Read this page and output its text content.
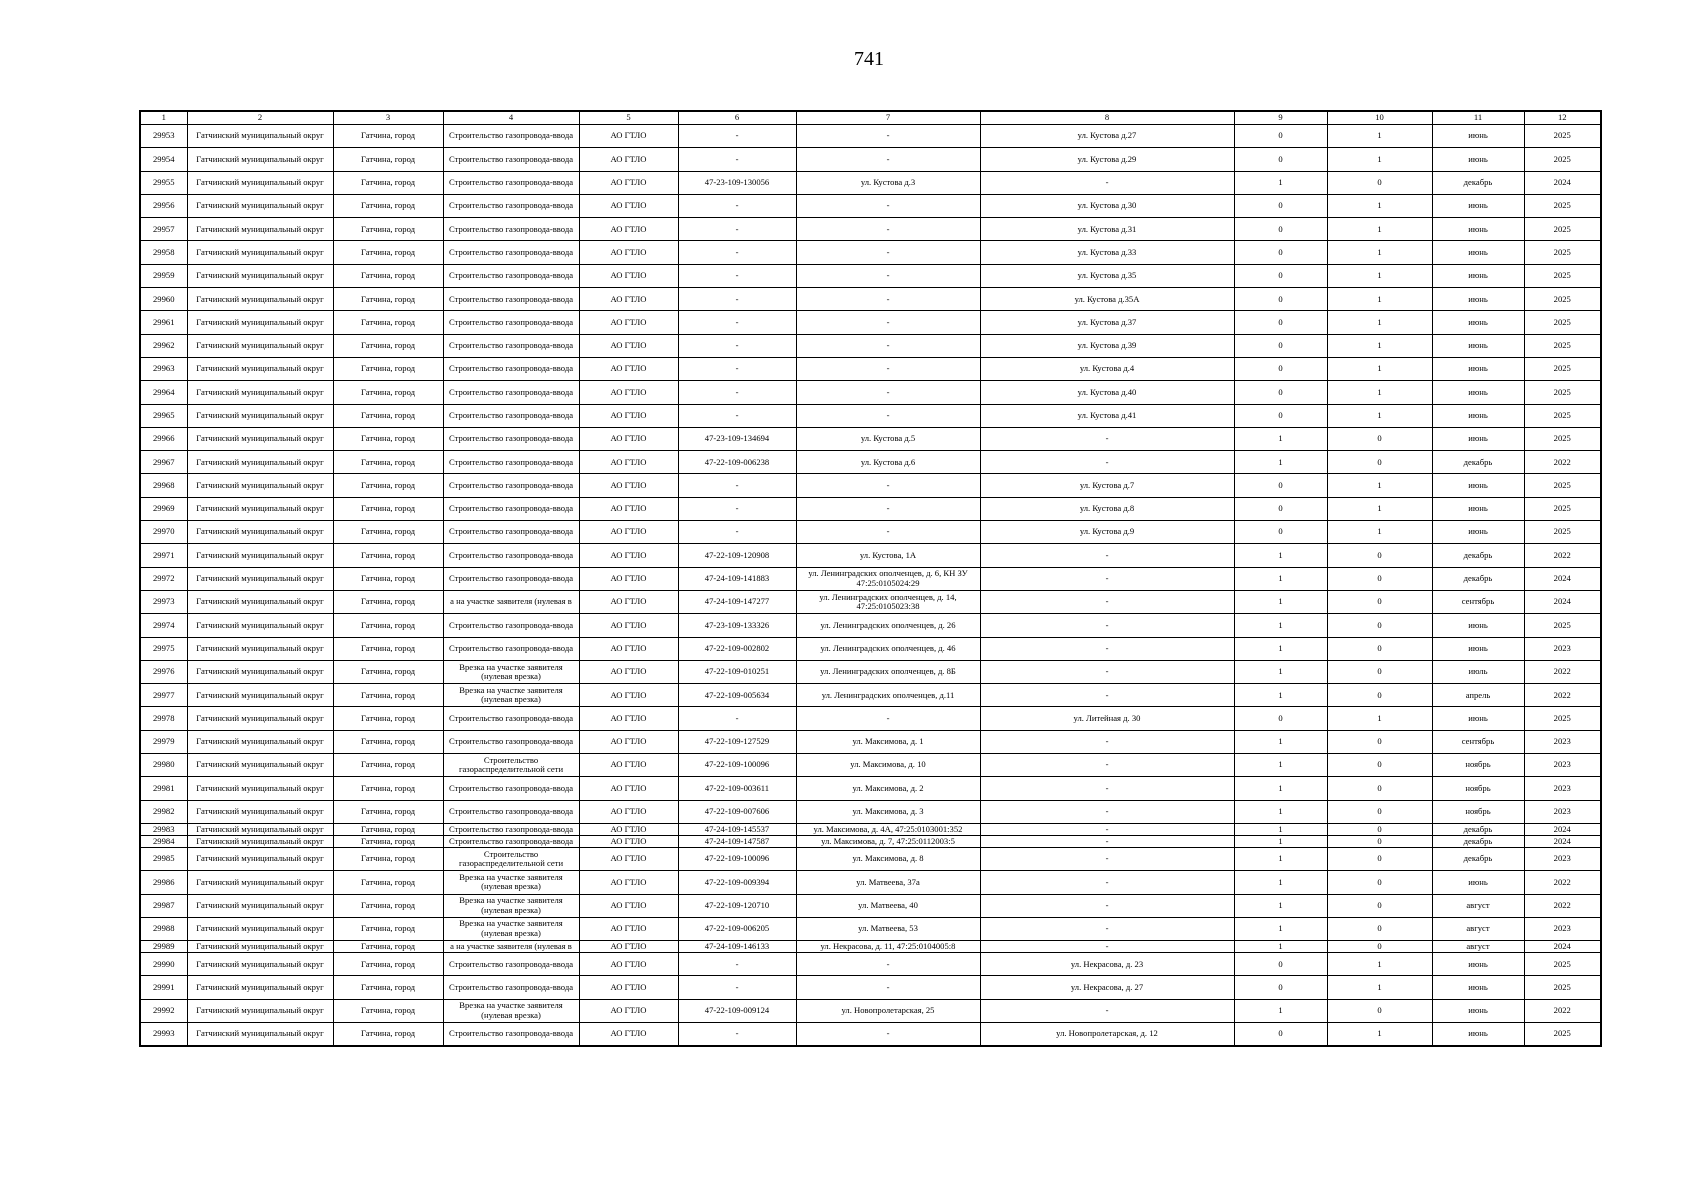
741
1	2	3	4	5	6	7	8	9	10	11	12
29953	Гатчинский муниципальный округ	Гатчина, город	Строительство газопровода-ввода	АО ГТЛО	-	-	ул. Кустова д.27	0	1	июнь	2025
29954	Гатчинский муниципальный округ	Гатчина, город	Строительство газопровода-ввода	АО ГТЛО	-	-	ул. Кустова д.29	0	1	июнь	2025
29955	Гатчинский муниципальный округ	Гатчина, город	Строительство газопровода-ввода	АО ГТЛО	47-23-109-130056	ул. Кустова д.3	-	1	0	декабрь	2024
29956	Гатчинский муниципальный округ	Гатчина, город	Строительство газопровода-ввода	АО ГТЛО	-	-	ул. Кустова д.30	0	1	июнь	2025
29957	Гатчинский муниципальный округ	Гатчина, город	Строительство газопровода-ввода	АО ГТЛО	-	-	ул. Кустова д.31	0	1	июнь	2025
29958	Гатчинский муниципальный округ	Гатчина, город	Строительство газопровода-ввода	АО ГТЛО	-	-	ул. Кустова д.33	0	1	июнь	2025
29959	Гатчинский муниципальный округ	Гатчина, город	Строительство газопровода-ввода	АО ГТЛО	-	-	ул. Кустова д.35	0	1	июнь	2025
29960	Гатчинский муниципальный округ	Гатчина, город	Строительство газопровода-ввода	АО ГТЛО	-	-	ул. Кустова д.35А	0	1	июнь	2025
29961	Гатчинский муниципальный округ	Гатчина, город	Строительство газопровода-ввода	АО ГТЛО	-	-	ул. Кустова д.37	0	1	июнь	2025
29962	Гатчинский муниципальный округ	Гатчина, город	Строительство газопровода-ввода	АО ГТЛО	-	-	ул. Кустова д.39	0	1	июнь	2025
29963	Гатчинский муниципальный округ	Гатчина, город	Строительство газопровода-ввода	АО ГТЛО	-	-	ул. Кустова д.4	0	1	июнь	2025
29964	Гатчинский муниципальный округ	Гатчина, город	Строительство газопровода-ввода	АО ГТЛО	-	-	ул. Кустова д.40	0	1	июнь	2025
29965	Гатчинский муниципальный округ	Гатчина, город	Строительство газопровода-ввода	АО ГТЛО	-	-	ул. Кустова д.41	0	1	июнь	2025
29966	Гатчинский муниципальный округ	Гатчина, город	Строительство газопровода-ввода	АО ГТЛО	47-23-109-134694	ул. Кустова д.5	-	1	0	июнь	2025
29967	Гатчинский муниципальный округ	Гатчина, город	Строительство газопровода-ввода	АО ГТЛО	47-22-109-006238	ул. Кустова д.6	-	1	0	декабрь	2022
29968	Гатчинский муниципальный округ	Гатчина, город	Строительство газопровода-ввода	АО ГТЛО	-	-	ул. Кустова д.7	0	1	июнь	2025
29969	Гатчинский муниципальный округ	Гатчина, город	Строительство газопровода-ввода	АО ГТЛО	-	-	ул. Кустова д.8	0	1	июнь	2025
29970	Гатчинский муниципальный округ	Гатчина, город	Строительство газопровода-ввода	АО ГТЛО	-	-	ул. Кустова д.9	0	1	июнь	2025
29971	Гатчинский муниципальный округ	Гатчина, город	Строительство газопровода-ввода	АО ГТЛО	47-22-109-120908	ул. Кустова, 1А	-	1	0	декабрь	2022
29972	Гатчинский муниципальный округ	Гатчина, город	Строительство газопровода-ввода	АО ГТЛО	47-24-109-141883	ул. Ленинградских ополченцев, д. 6, КН ЗУ 47:25:0105024:29	-	1	0	декабрь	2024
29973	Гатчинский муниципальный округ	Гатчина, город	а на участке заявителя (нулевая в	АО ГТЛО	47-24-109-147277	ул. Ленинградских ополченцев, д. 14, 47:25:0105023:38	-	1	0	сентябрь	2024
29974	Гатчинский муниципальный округ	Гатчина, город	Строительство газопровода-ввода	АО ГТЛО	47-23-109-133326	ул. Ленинградских ополченцев, д. 26	-	1	0	июнь	2025
29975	Гатчинский муниципальный округ	Гатчина, город	Строительство газопровода-ввода	АО ГТЛО	47-22-109-002802	ул. Ленинградских ополченцев, д. 46	-	1	0	июнь	2023
29976	Гатчинский муниципальный округ	Гатчина, город	Врезка на участке заявителя (нулевая врезка)	АО ГТЛО	47-22-109-010251	ул. Ленинградских ополченцев, д. 8Б	-	1	0	июль	2022
29977	Гатчинский муниципальный округ	Гатчина, город	Врезка на участке заявителя (нулевая врезка)	АО ГТЛО	47-22-109-005634	ул. Ленинградских ополченцев, д.11	-	1	0	апрель	2022
29978	Гатчинский муниципальный округ	Гатчина, город	Строительство газопровода-ввода	АО ГТЛО	-	-	ул. Литейная д. 30	0	1	июнь	2025
29979	Гатчинский муниципальный округ	Гатчина, город	Строительство газопровода-ввода	АО ГТЛО	47-22-109-127529	ул. Максимова, д. 1	-	1	0	сентябрь	2023
29980	Гатчинский муниципальный округ	Гатчина, город	Строительство газораспределительной сети	АО ГТЛО	47-22-109-100096	ул. Максимова, д. 10	-	1	0	ноябрь	2023
29981	Гатчинский муниципальный округ	Гатчина, город	Строительство газопровода-ввода	АО ГТЛО	47-22-109-003611	ул. Максимова, д. 2	-	1	0	ноябрь	2023
29982	Гатчинский муниципальный округ	Гатчина, город	Строительство газопровода-ввода	АО ГТЛО	47-22-109-007606	ул. Максимова, д. 3	-	1	0	ноябрь	2023
29983	Гатчинский муниципальный округ	Гатчина, город	Строительство газопровода-ввода	АО ГТЛО	47-24-109-145537	ул. Максимова, д. 4А, 47:25:0103001:352	-	1	0	декабрь	2024
29984	Гатчинский муниципальный округ	Гатчина, город	Строительство газопровода-ввода	АО ГТЛО	47-24-109-147587	ул. Максимова, д. 7, 47:25:0112003:5	-	1	0	декабрь	2024
29985	Гатчинский муниципальный округ	Гатчина, город	Строительство газораспределительной сети	АО ГТЛО	47-22-109-100096	ул. Максимова, д. 8	-	1	0	декабрь	2023
29986	Гатчинский муниципальный округ	Гатчина, город	Врезка на участке заявителя (нулевая врезка)	АО ГТЛО	47-22-109-009394	ул. Матвеева, 37а	-	1	0	июнь	2022
29987	Гатчинский муниципальный округ	Гатчина, город	Врезка на участке заявителя (нулевая врезка)	АО ГТЛО	47-22-109-120710	ул. Матвеева, 40	-	1	0	август	2022
29988	Гатчинский муниципальный округ	Гатчина, город	Врезка на участке заявителя (нулевая врезка)	АО ГТЛО	47-22-109-006205	ул. Матвеева, 53	-	1	0	август	2023
29989	Гатчинский муниципальный округ	Гатчина, город	а на участке заявителя (нулевая в	АО ГТЛО	47-24-109-146133	ул. Некрасова, д. 11, 47:25:0104005:8	-	1	0	август	2024
29990	Гатчинский муниципальный округ	Гатчина, город	Строительство газопровода-ввода	АО ГТЛО	-	-	ул. Некрасова, д. 23	0	1	июнь	2025
29991	Гатчинский муниципальный округ	Гатчина, город	Строительство газопровода-ввода	АО ГТЛО	-	-	ул. Некрасова, д. 27	0	1	июнь	2025
29992	Гатчинский муниципальный округ	Гатчина, город	Врезка на участке заявителя (нулевая врезка)	АО ГТЛО	47-22-109-009124	ул. Новопролетарская, 25	-	1	0	июнь	2022
29993	Гатчинский муниципальный округ	Гатчина, город	Строительство газопровода-ввода	АО ГТЛО	-	-	ул. Новопролетарская, д. 12	0	1	июнь	2025
